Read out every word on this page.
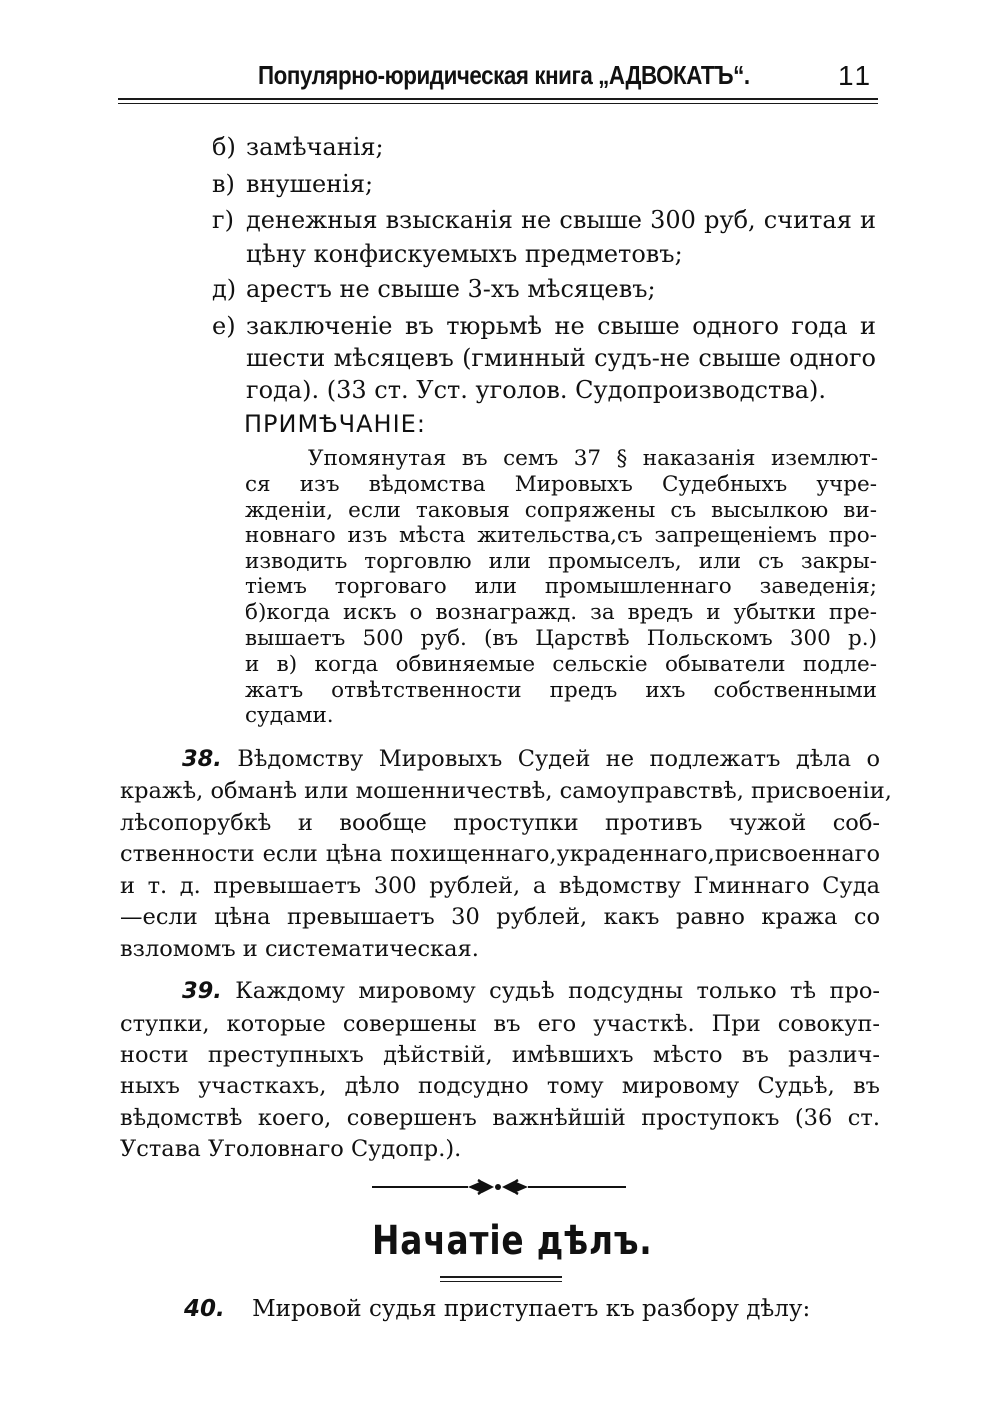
Популярно-юридическая книга „АДВОКАТЪ“.	11
б) замѣчанія;
в) внушенія;
г) денежныя взысканія не свыше 300 руб, считая и
цѣну конфискуемыхъ предметовъ;
д) арестъ не свыше 3-хъ мѣсяцевъ;
е) заключеніе въ тюрьмѣ не свыше одного года и
шести мѣсяцевъ (гминный судъ-не свыше одного
года). (33 ст. Уст. уголов. Судопроизводства).
ПРИМѢЧАНІЕ:
Упомянутая въ семъ 37 § наказанія иземлют-
ся изъ вѣдомства Мировыхъ Судебныхъ учре-
жденіи, если таковыя сопряжены съ высылкою ви-
новнаго изъ мѣста жительства,съ запрещеніемъ про-
изводить торговлю или промыселъ, или съ закры-
тіемъ торговаго или промышленнаго заведенія;
б)когда искъ о вознагражд. за вредъ и убытки пре-
вышаетъ 500 руб. (въ Царствѣ Польскомъ 300 р.)
и в) когда обвиняемые сельскіе обыватели подле-
жатъ отвѣтственности предъ ихъ собственными
судами.
38. Вѣдомству Мировыхъ Судей не подлежатъ дѣла о
кражѣ, обманѣ или мошенничествѣ, самоуправствѣ, присвоеніи,
лѣсопорубкѣ и вообще проступки противъ чужой соб-
ственности если цѣна похищеннаго,украденнаго,присвоеннаго
и т. д. превышаетъ 300 рублей, а вѣдомству Гминнаго Суда
—если цѣна превышаетъ 30 рублей, какъ равно кража со
взломомъ и систематическая.
39. Каждому мировому судьѣ подсудны только тѣ про-
ступки, которые совершены въ его участкѣ. При совокуп-
ности преступныхъ дѣйствій, имѣвшихъ мѣсто въ различ-
ныхъ участкахъ, дѣло подсудно тому мировому Судьѣ, въ
вѣдомствѣ коего, совершенъ важнѣйшій проступокъ (36 ст.
Устава Уголовнаго Судопр.).
Начатіе дѣлъ.
40. Мировой судья приступаетъ къ разбору дѣлу:
